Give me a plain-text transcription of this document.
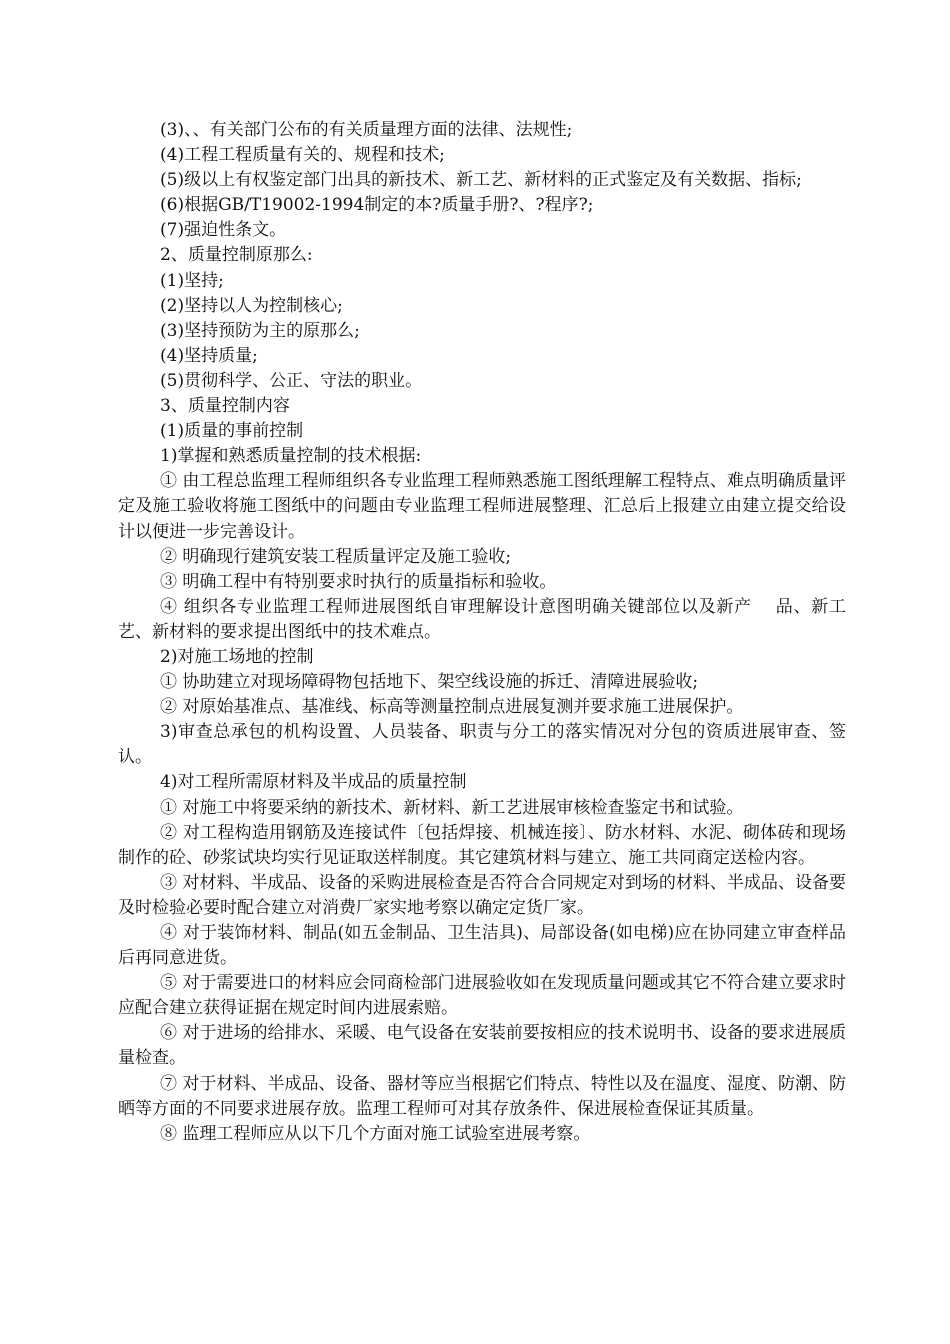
(3)、、有关部门公布的有关质量理方面的法律、法规性;

(4)工程工程质量有关的、规程和技术;

(5)级以上有权鉴定部门出具的新技术、新工艺、新材料的正式鉴定及有关数据、指标;

(6)根据GB/T19002-1994制定的本?质量手册?、?程序?;

(7)强迫性条文。

2、质量控制原那么:

(1)坚持;

(2)坚持以人为控制核心;

(3)坚持预防为主的原那么;

(4)坚持质量;

(5)贯彻科学、公正、守法的职业。

3、质量控制内容

(1)质量的事前控制

1)掌握和熟悉质量控制的技术根据:

① 由工程总监理工程师组织各专业监理工程师熟悉施工图纸理解工程特点、难点明确质量评定及施工验收将施工图纸中的问题由专业监理工程师进展整理、汇总后上报建立由建立提交给设计以便进一步完善设计。

② 明确现行建筑安装工程质量评定及施工验收;

③ 明确工程中有特别要求时执行的质量指标和验收。

④ 组织各专业监理工程师进展图纸自审理解设计意图明确关键部位以及新产　 品、新工艺、新材料的要求提出图纸中的技术难点。

2)对施工场地的控制

① 协助建立对现场障碍物包括地下、架空线设施的拆迁、清障进展验收;

② 对原始基准点、基准线、标高等测量控制点进展复测并要求施工进展保护。

3)审查总承包的机构设置、人员装备、职责与分工的落实情况对分包的资质进展审查、签认。

4)对工程所需原材料及半成品的质量控制

① 对施工中将要采纳的新技术、新材料、新工艺进展审核检查鉴定书和试验。

② 对工程构造用钢筋及连接试件〔包括焊接、机械连接〕、防水材料、水泥、砌体砖和现场制作的砼、砂浆试块均实行见证取送样制度。其它建筑材料与建立、施工共同商定送检内容。

③ 对材料、半成品、设备的采购进展检查是否符合合同规定对到场的材料、半成品、设备要及时检验必要时配合建立对消费厂家实地考察以确定定货厂家。

④ 对于装饰材料、制品(如五金制品、卫生洁具)、局部设备(如电梯)应在协同建立审查样品后再同意进货。

⑤ 对于需要进口的材料应会同商检部门进展验收如在发现质量问题或其它不符合建立要求时应配合建立获得证据在规定时间内进展索赔。

⑥ 对于进场的给排水、采暖、电气设备在安装前要按相应的技术说明书、设备的要求进展质量检查。

⑦ 对于材料、半成品、设备、器材等应当根据它们特点、特性以及在温度、湿度、防潮、防晒等方面的不同要求进展存放。监理工程师可对其存放条件、保进展检查保证其质量。

⑧ 监理工程师应从以下几个方面对施工试验室进展考察。
